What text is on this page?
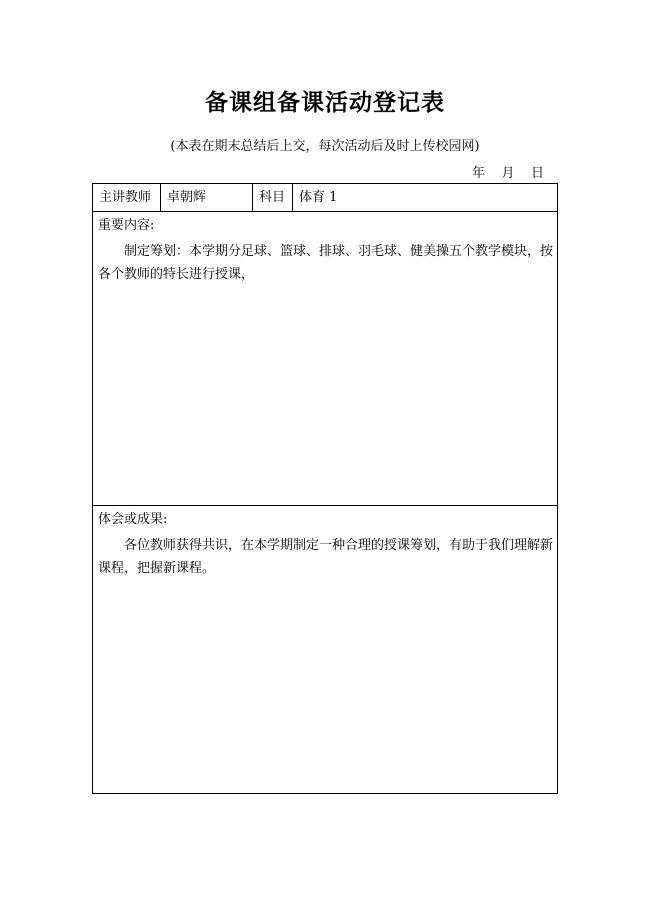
备课组备课活动登记表
(本表在期末总结后上交，每次活动后及时上传校园网)
年    月    日
主讲教师	卓朝辉	科目	体育 1
重要内容:
制定筹划：本学期分足球、篮球、排球、羽毛球、健美操五个教学模块，按各个教师的特长进行授课，
体会或成果:
各位教师获得共识，在本学期制定一种合理的授课筹划，有助于我们理解新课程，把握新课程。
